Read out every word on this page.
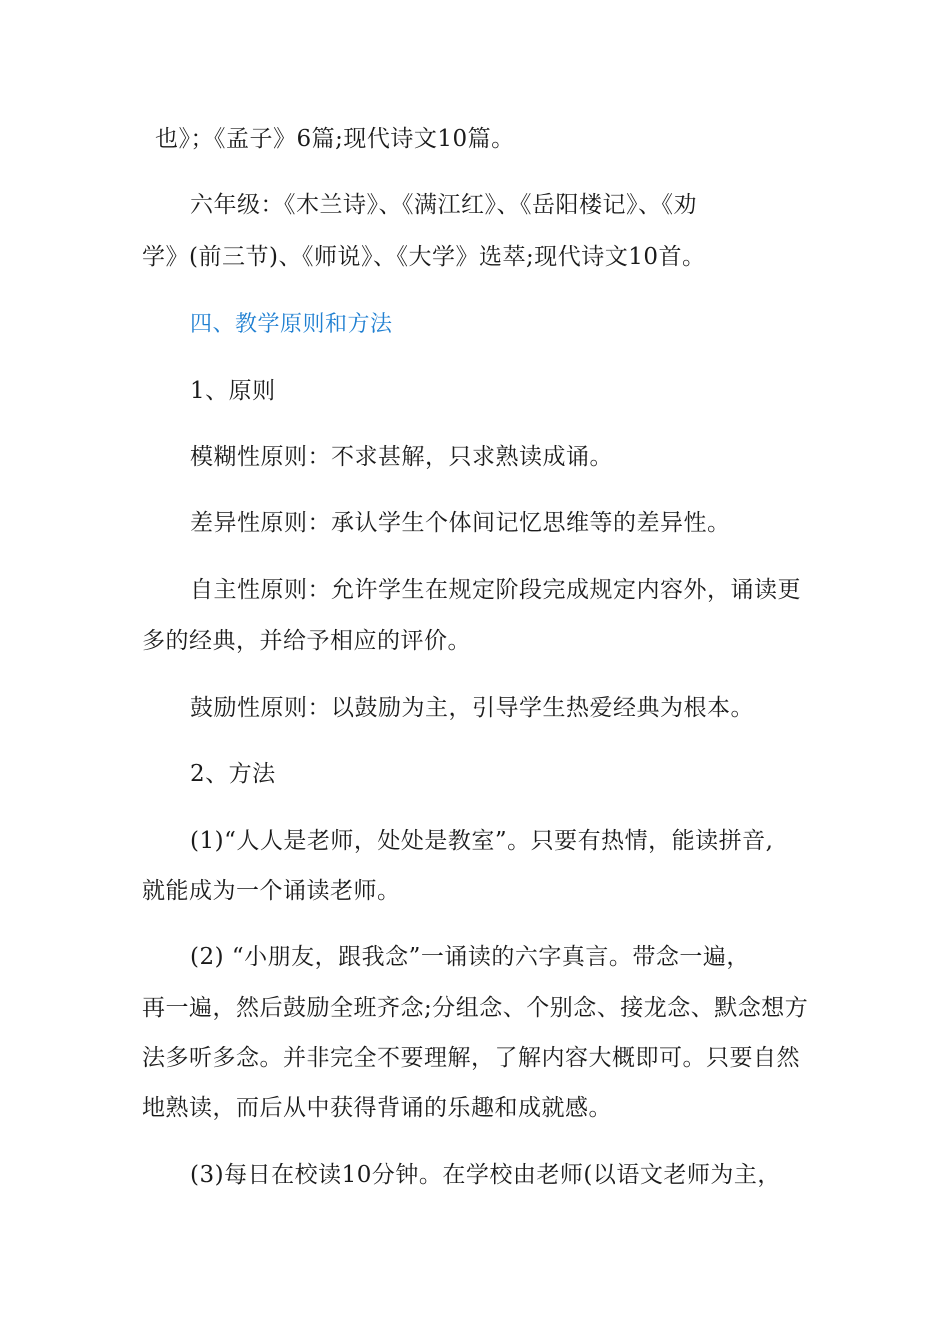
也》；《孟子》6篇;现代诗文10篇。
六年级：《木兰诗》、《满江红》、《岳阳楼记》、《劝
学》(前三节)、《师说》、《大学》选萃;现代诗文10首。
四、教学原则和方法
1、原则
模糊性原则：不求甚解，只求熟读成诵。
差异性原则：承认学生个体间记忆思维等的差异性。
自主性原则：允许学生在规定阶段完成规定内容外，诵读更
多的经典，并给予相应的评价。
鼓励性原则：以鼓励为主，引导学生热爱经典为根本。
2、方法
(1)“人人是老师，处处是教室”。只要有热情，能读拼音,
就能成为一个诵读老师。
(2) “小朋友，跟我念”一诵读的六字真言。带念一遍，
再一遍，然后鼓励全班齐念;分组念、个别念、接龙念、默念想方
法多听多念。并非完全不要理解，了解内容大概即可。只要自然
地熟读，而后从中获得背诵的乐趣和成就感。
(3)每日在校读10分钟。在学校由老师(以语文老师为主，
